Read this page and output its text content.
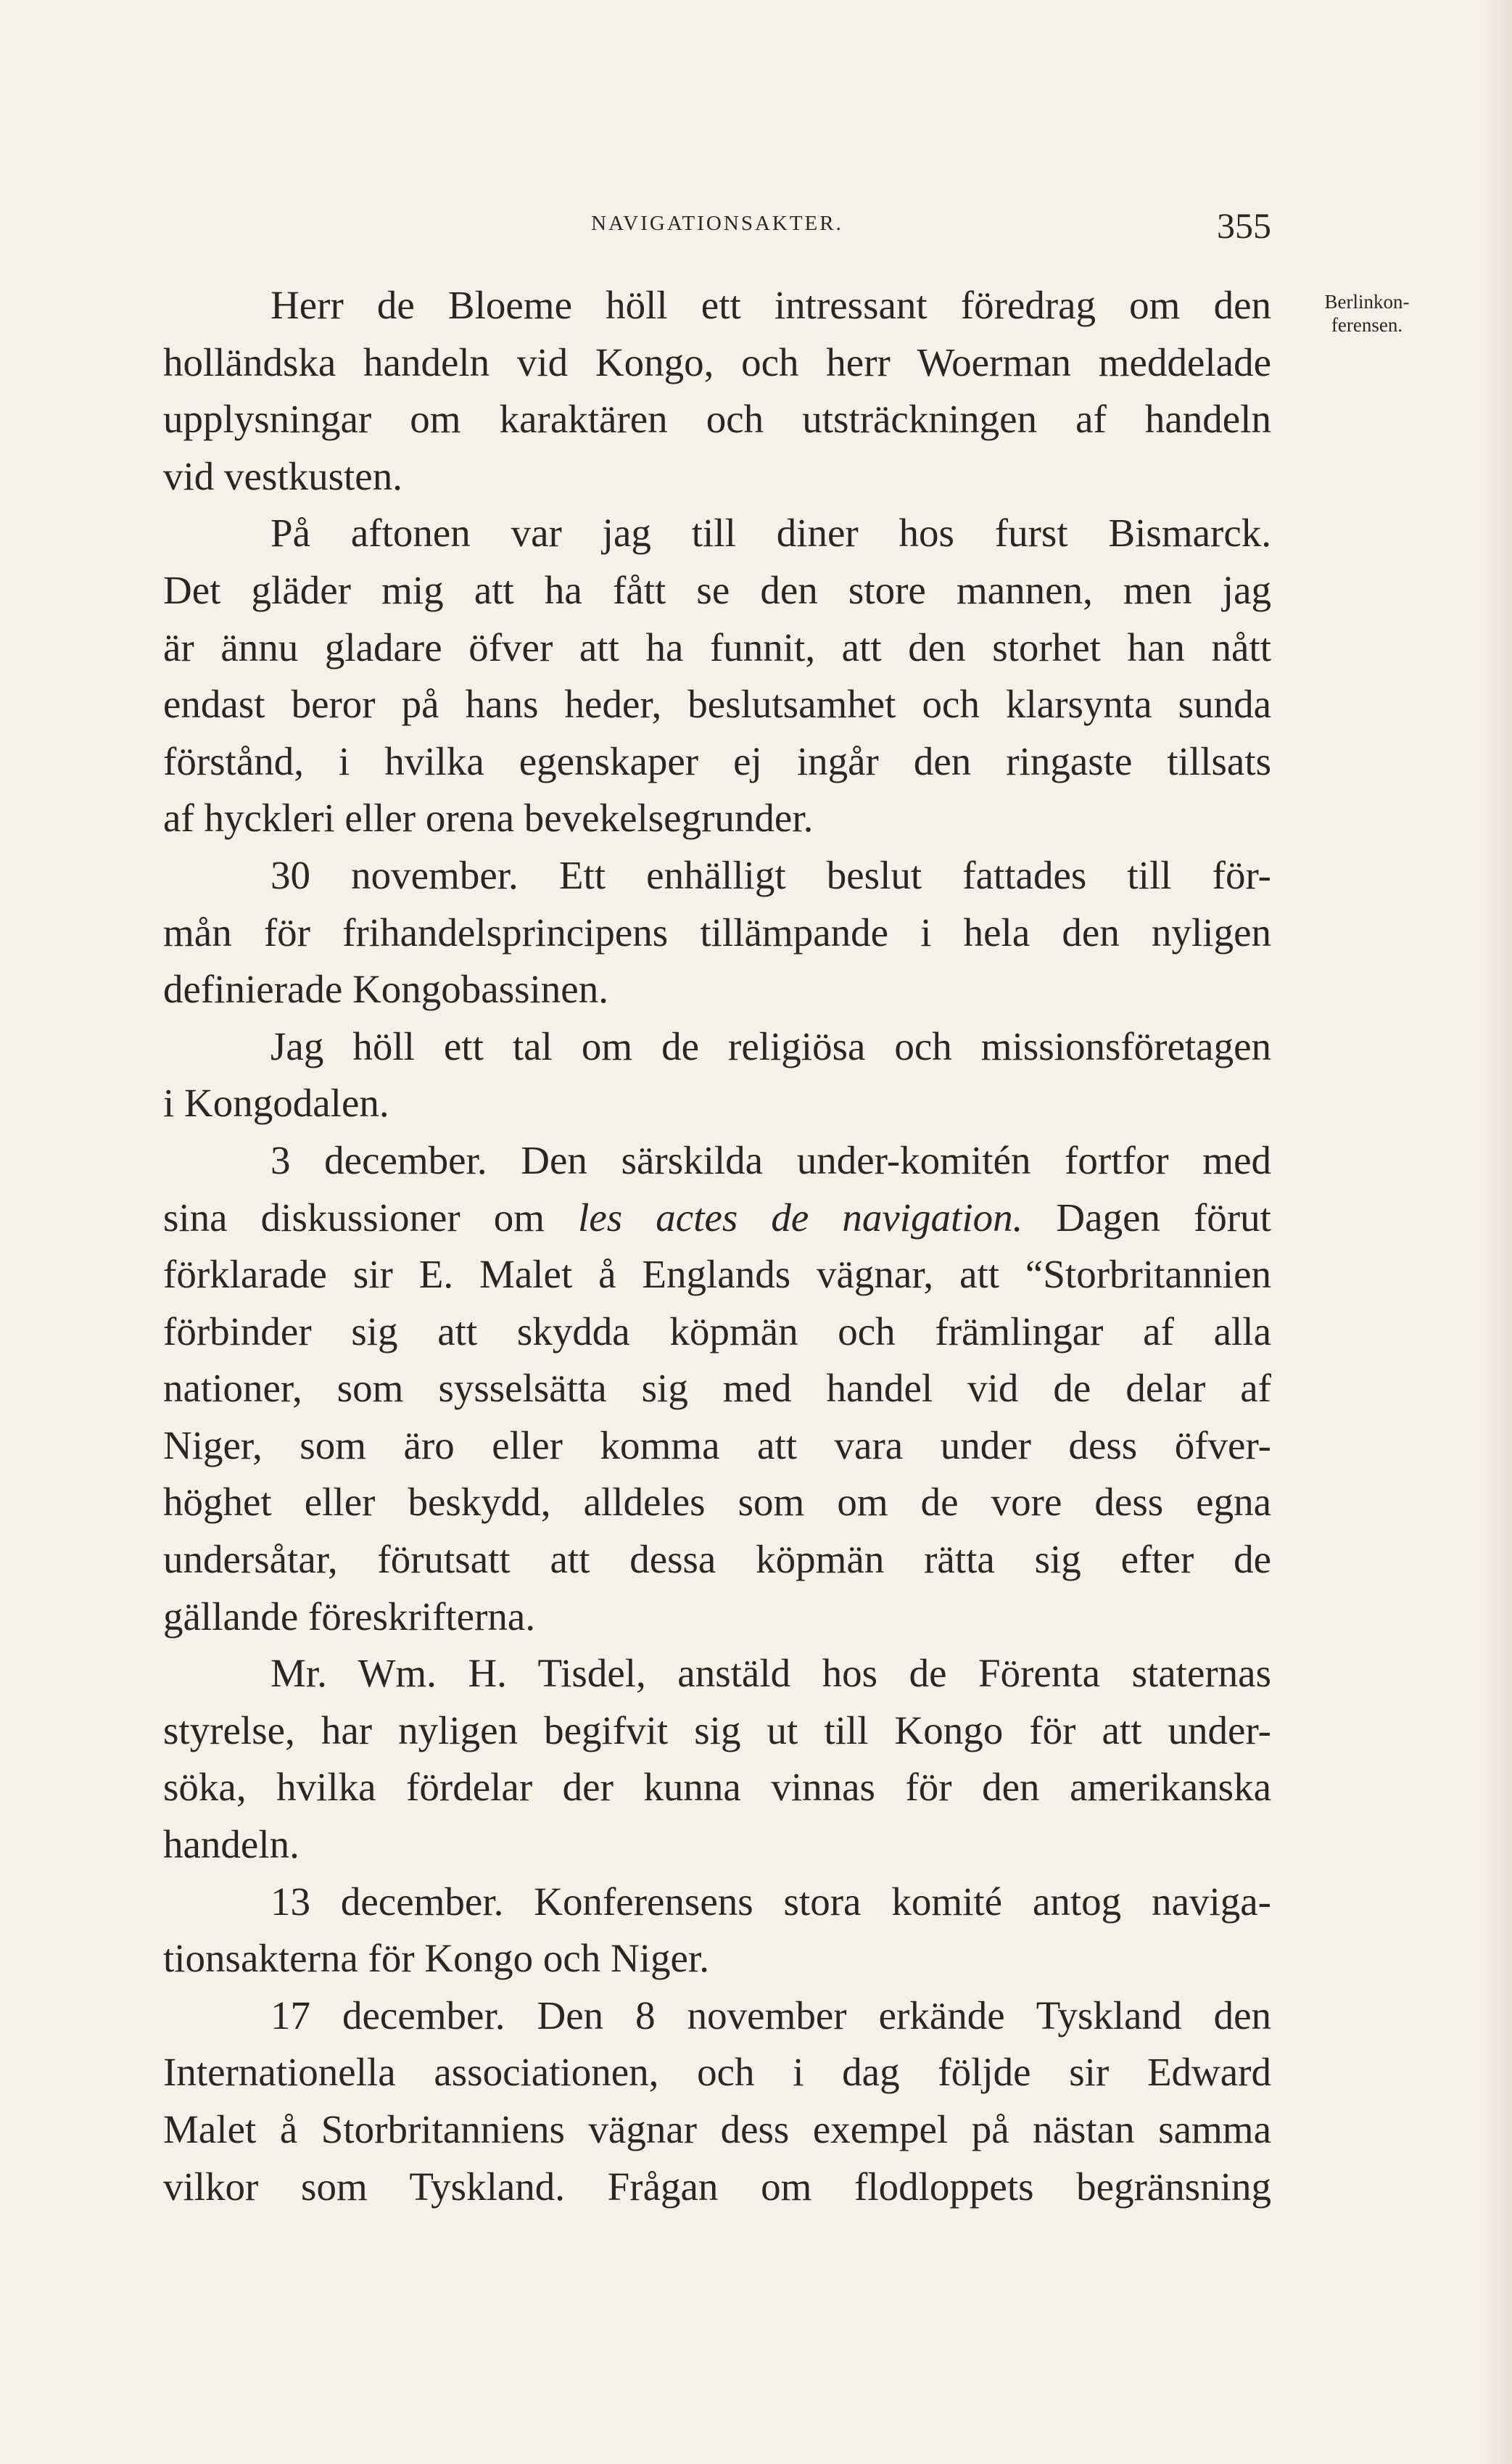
NAVIGATIONSAKTER.	355
Berlinkon-
ferensen.

Herr de Bloeme höll ett intressant föredrag om den
holländska handeln vid Kongo, och herr Woerman meddelade
upplysningar om karaktären och utsträckningen af handeln
vid vestkusten.

På aftonen var jag till diner hos furst Bismarck.
Det gläder mig att ha fått se den store mannen, men jag
är ännu gladare öfver att ha funnit, att den storhet han nått
endast beror på hans heder, beslutsamhet och klarsynta sunda
förstånd, i hvilka egenskaper ej ingår den ringaste tillsats
af hyckleri eller orena bevekelsegrunder.

30 november. Ett enhälligt beslut fattades till för-
mån för frihandelsprincipens tillämpande i hela den nyligen
definierade Kongobassinen.

Jag höll ett tal om de religiösa och missionsföretagen
i Kongodalen.

3 december. Den särskilda under-komitén fortfor med
sina diskussioner om les actes de navigation. Dagen förut
förklarade sir E. Malet å Englands vägnar, att “Storbritannien
förbinder sig att skydda köpmän och främlingar af alla
nationer, som sysselsätta sig med handel vid de delar af
Niger, som äro eller komma att vara under dess öfver-
höghet eller beskydd, alldeles som om de vore dess egna
undersåtar, förutsatt att dessa köpmän rätta sig efter de
gällande föreskrifterna.

Mr. Wm. H. Tisdel, anstäld hos de Förenta staternas
styrelse, har nyligen begifvit sig ut till Kongo för att under-
söka, hvilka fördelar der kunna vinnas för den amerikanska
handeln.

13 december. Konferensens stora komité antog naviga-
tionsakterna för Kongo och Niger.

17 december. Den 8 november erkände Tyskland den
Internationella associationen, och i dag följde sir Edward
Malet å Storbritanniens vägnar dess exempel på nästan samma
vilkor som Tyskland. Frågan om flodloppets begränsning
